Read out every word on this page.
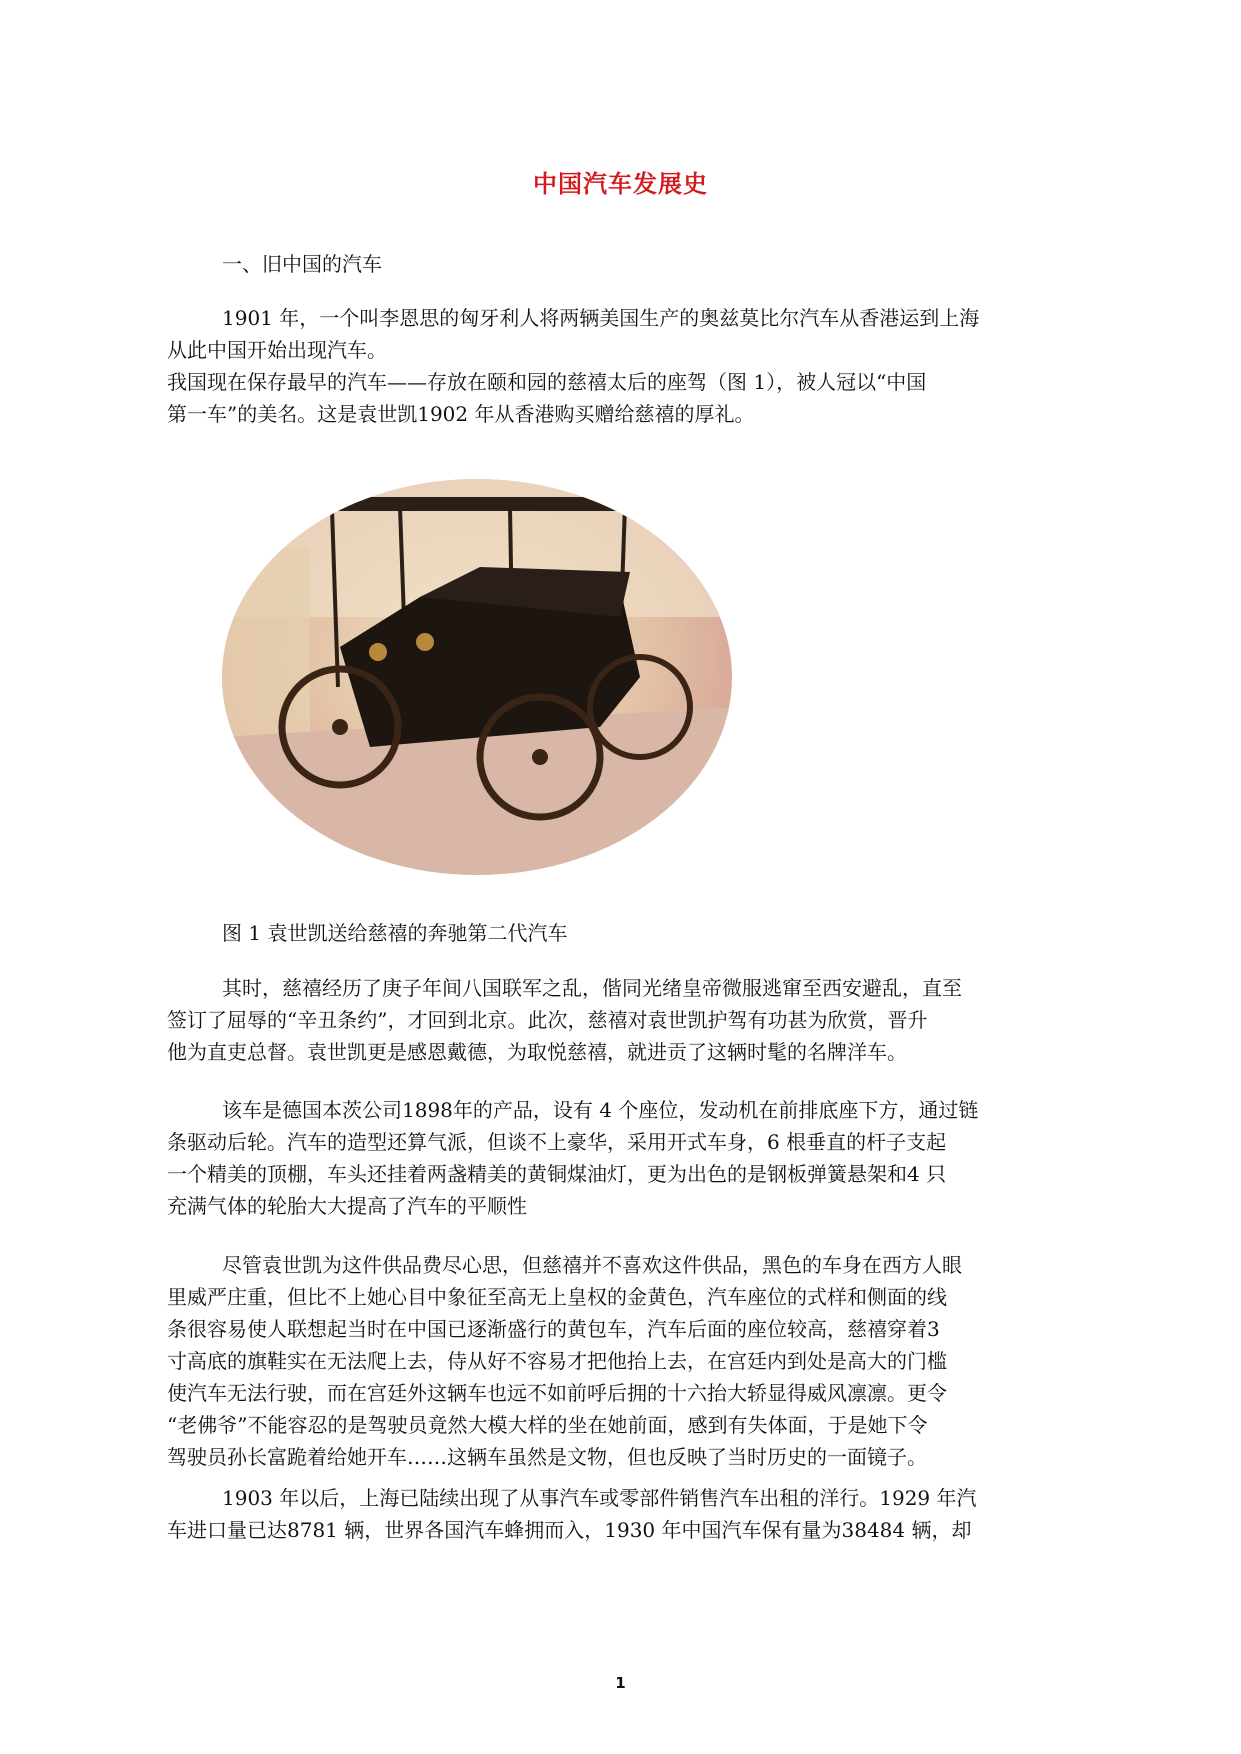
中国汽车发展史
一、旧中国的汽车

1901 年，一个叫李恩思的匈牙利人将两辆美国生产的奥兹莫比尔汽车从香港运到上海
从此中国开始出现汽车。

我国现在保存最早的汽车——存放在颐和园的慈禧太后的座驾（图 1），被人冠以“中国
第一车”的美名。这是袁世凯1902 年从香港购买赠给慈禧的厚礼。

图 1 袁世凯送给慈禧的奔驰第二代汽车

其时，慈禧经历了庚子年间八国联军之乱，偕同光绪皇帝微服逃窜至西安避乱，直至
签订了屈辱的“辛丑条约”，才回到北京。此次，慈禧对袁世凯护驾有功甚为欣赏，晋升
他为直吏总督。袁世凯更是感恩戴德，为取悦慈禧，就进贡了这辆时髦的名牌洋车。

该车是德国本茨公司1898年的产品，设有 4 个座位，发动机在前排底座下方，通过链
条驱动后轮。汽车的造型还算气派，但谈不上豪华，采用开式车身，6 根垂直的杆子支起
一个精美的顶棚，车头还挂着两盏精美的黄铜煤油灯，更为出色的是钢板弹簧悬架和4 只
充满气体的轮胎大大提高了汽车的平顺性

尽管袁世凯为这件供品费尽心思，但慈禧并不喜欢这件供品，黑色的车身在西方人眼
里威严庄重，但比不上她心目中象征至高无上皇权的金黄色，汽车座位的式样和侧面的线
条很容易使人联想起当时在中国已逐渐盛行的黄包车，汽车后面的座位较高，慈禧穿着3
寸高底的旗鞋实在无法爬上去，侍从好不容易才把他抬上去，在宫廷内到处是高大的门槛
使汽车无法行驶，而在宫廷外这辆车也远不如前呼后拥的十六抬大轿显得威风凛凛。更令
“老佛爷”不能容忍的是驾驶员竟然大模大样的坐在她前面，感到有失体面，于是她下令
驾驶员孙长富跪着给她开车……这辆车虽然是文物，但也反映了当时历史的一面镜子。

1903 年以后，上海已陆续出现了从事汽车或零部件销售汽车出租的洋行。1929 年汽
车进口量已达8781 辆，世界各国汽车蜂拥而入，1930 年中国汽车保有量为38484 辆，却

1
